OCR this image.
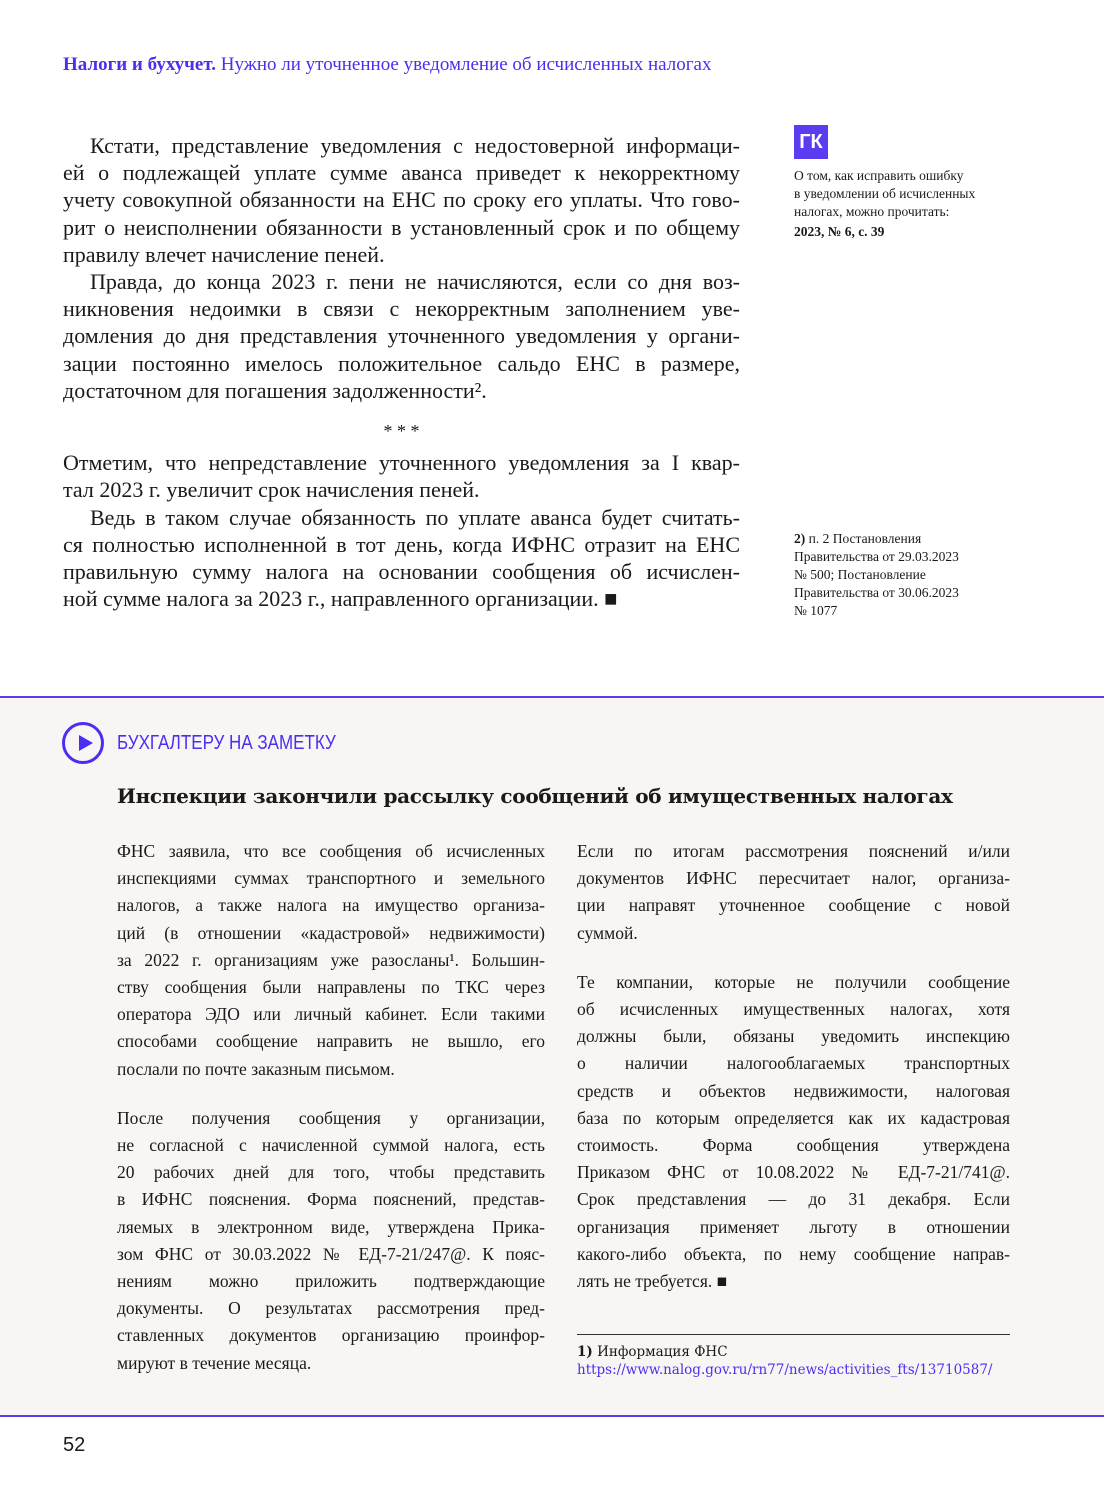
Налоги и бухучет. Нужно ли уточненное уведомление об исчисленных налогах
Кстати, представление уведомления с недостоверной информаци-
ей о подлежащей уплате сумме аванса приведет к некорректному
учету совокупной обязанности на ЕНС по сроку его уплаты. Что гово-
рит о неисполнении обязанности в установленный срок и по общему
правилу влечет начисление пеней.
Правда, до конца 2023 г. пени не начисляются, если со дня воз-
никновения недоимки в связи с некорректным заполнением уве-
домления до дня представления уточненного уведомления у органи-
зации постоянно имелось положительное сальдо ЕНС в размере,
достаточном для погашения задолженности².
* * *
Отметим, что непредставление уточненного уведомления за I квар-
тал 2023 г. увеличит срок начисления пеней.
Ведь в таком случае обязанность по уплате аванса будет считать-
ся полностью исполненной в тот день, когда ИФНС отразит на ЕНС
правильную сумму налога на основании сообщения об исчислен-
ной сумме налога за 2023 г., направленного организации. ■
ГК
О том, как исправить ошибку
в уведомлении об исчисленных
налогах, можно прочитать:
2023, № 6, с. 39
2) п. 2 Постановления
Правительства от 29.03.2023
№ 500; Постановление
Правительства от 30.06.2023
№ 1077
БУХГАЛТЕРУ НА ЗАМЕТКУ
Инспекции закончили рассылку сообщений об имущественных налогах
ФНС заявила, что все сообщения об исчисленных
инспекциями суммах транспортного и земельного
налогов, а также налога на имущество организа-
ций (в отношении «кадастровой» недвижимости)
за 2022 г. организациям уже разосланы¹. Большин-
ству сообщения были направлены по ТКС через
оператора ЭДО или личный кабинет. Если такими
способами сообщение направить не вышло, его
послали по почте заказным письмом.
После получения сообщения у организации,
не согласной с начисленной суммой налога, есть
20 рабочих дней для того, чтобы представить
в ИФНС пояснения. Форма пояснений, представ-
ляемых в электронном виде, утверждена Прика-
зом ФНС от 30.03.2022 № ЕД-7-21/247@. К пояс-
нениям можно приложить подтверждающие
документы. О результатах рассмотрения пред-
ставленных документов организацию проинфор-
мируют в течение месяца.
Если по итогам рассмотрения пояснений и/или
документов ИФНС пересчитает налог, организа-
ции направят уточненное сообщение с новой
суммой.
Те компании, которые не получили сообщение
об исчисленных имущественных налогах, хотя
должны были, обязаны уведомить инспекцию
о наличии налогооблагаемых транспортных
средств и объектов недвижимости, налоговая
база по которым определяется как их кадастровая
стоимость. Форма сообщения утверждена
Приказом ФНС от 10.08.2022 № ЕД-7-21/741@.
Срок представления — до 31 декабря. Если
организация применяет льготу в отношении
какого-либо объекта, по нему сообщение направ-
лять не требуется. ■
1) Информация ФНС
https://www.nalog.gov.ru/rn77/news/activities_fts/13710587/
52
